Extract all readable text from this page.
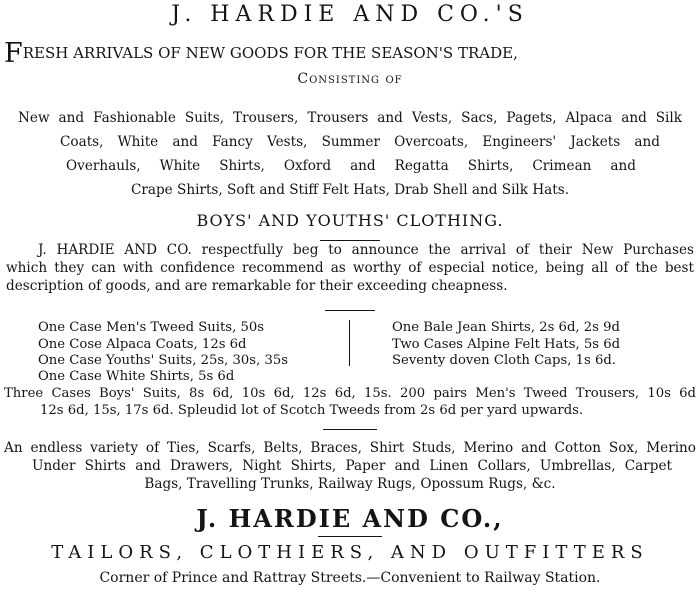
J. HARDIE AND CO.'S
FRESH ARRIVALS OF NEW GOODS FOR THE SEASON'S TRADE,
Consisting of
New and Fashionable Suits, Trousers, Trousers and Vests, Sacs, Pagets, Alpaca and Silk
Coats, White and Fancy Vests, Summer Overcoats, Engineers' Jackets and
Overhauls, White Shirts, Oxford and Regatta Shirts, Crimean and
Crape Shirts, Soft and Stiff Felt Hats, Drab Shell and Silk Hats.
BOYS' AND YOUTHS' CLOTHING.
J. HARDIE AND CO. respectfully beg to announce the arrival of their New Purchases
which they can with confidence recommend as worthy of especial notice, being all of the best
description of goods, and are remarkable for their exceeding cheapness.
One Case Men's Tweed Suits, 50s
One Cose Alpaca Coats, 12s 6d
One Case Youths' Suits, 25s, 30s, 35s
One Case White Shirts, 5s 6d
One Bale Jean Shirts, 2s 6d, 2s 9d
Two Cases Alpine Felt Hats, 5s 6d
Seventy doven Cloth Caps, 1s 6d.
Three Cases Boys' Suits, 8s 6d, 10s 6d, 12s 6d, 15s. 200 pairs Men's Tweed Trousers, 10s 6d
12s 6d, 15s, 17s 6d. Spleudid lot of Scotch Tweeds from 2s 6d per yard upwards.
An endless variety of Ties, Scarfs, Belts, Braces, Shirt Studs, Merino and Cotton Sox, Merino
Under Shirts and Drawers, Night Shirts, Paper and Linen Collars, Umbrellas, Carpet
Bags, Travelling Trunks, Railway Rugs, Opossum Rugs, &c.
J. HARDIE AND CO.,
TAILORS, CLOTHIERS, AND OUTFITTERS
Corner of Prince and Rattray Streets.—Convenient to Railway Station.
